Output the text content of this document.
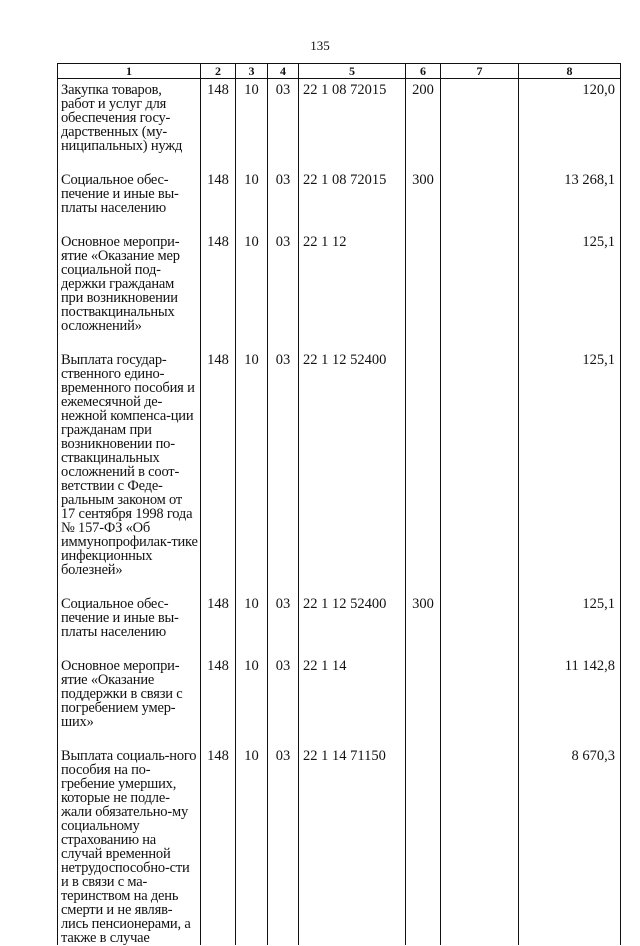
135
1	2	3	4	5	6	7	8
Закупка товаров, работ и услуг для обеспечения госу-дарственных (му-ниципальных) нужд	148	10	03	22 1 08 72015	200		120,0
Социальное обес-печение и иные вы-платы населению	148	10	03	22 1 08 72015	300		13 268,1
Основное меропри-ятие «Оказание мер социальной под-держки гражданам при возникновении поствакцинальных осложнений»	148	10	03	22 1 12			125,1
Выплата государ-ственного едино-временного пособия и ежемесячной де-нежной компенса-ции гражданам при возникновении по-ствакцинальных осложнений в соот-ветствии с Феде-ральным законом от 17 сентября 1998 года № 157-ФЗ «Об иммунопрофилак-тике инфекционных болезней»	148	10	03	22 1 12 52400			125,1
Социальное обес-печение и иные вы-платы населению	148	10	03	22 1 12 52400	300		125,1
Основное меропри-ятие «Оказание поддержки в связи с погребением умер-ших»	148	10	03	22 1 14			11 142,8
Выплата социаль-ного пособия на по-гребение умерших, которые не подле-жали обязательно-му социальному страхованию на случай временной нетрудоспособно-сти и в связи с ма-теринством на день смерти и не являв-лись пенсионерами, а также в случае	148	10	03	22 1 14 71150			8 670,3
